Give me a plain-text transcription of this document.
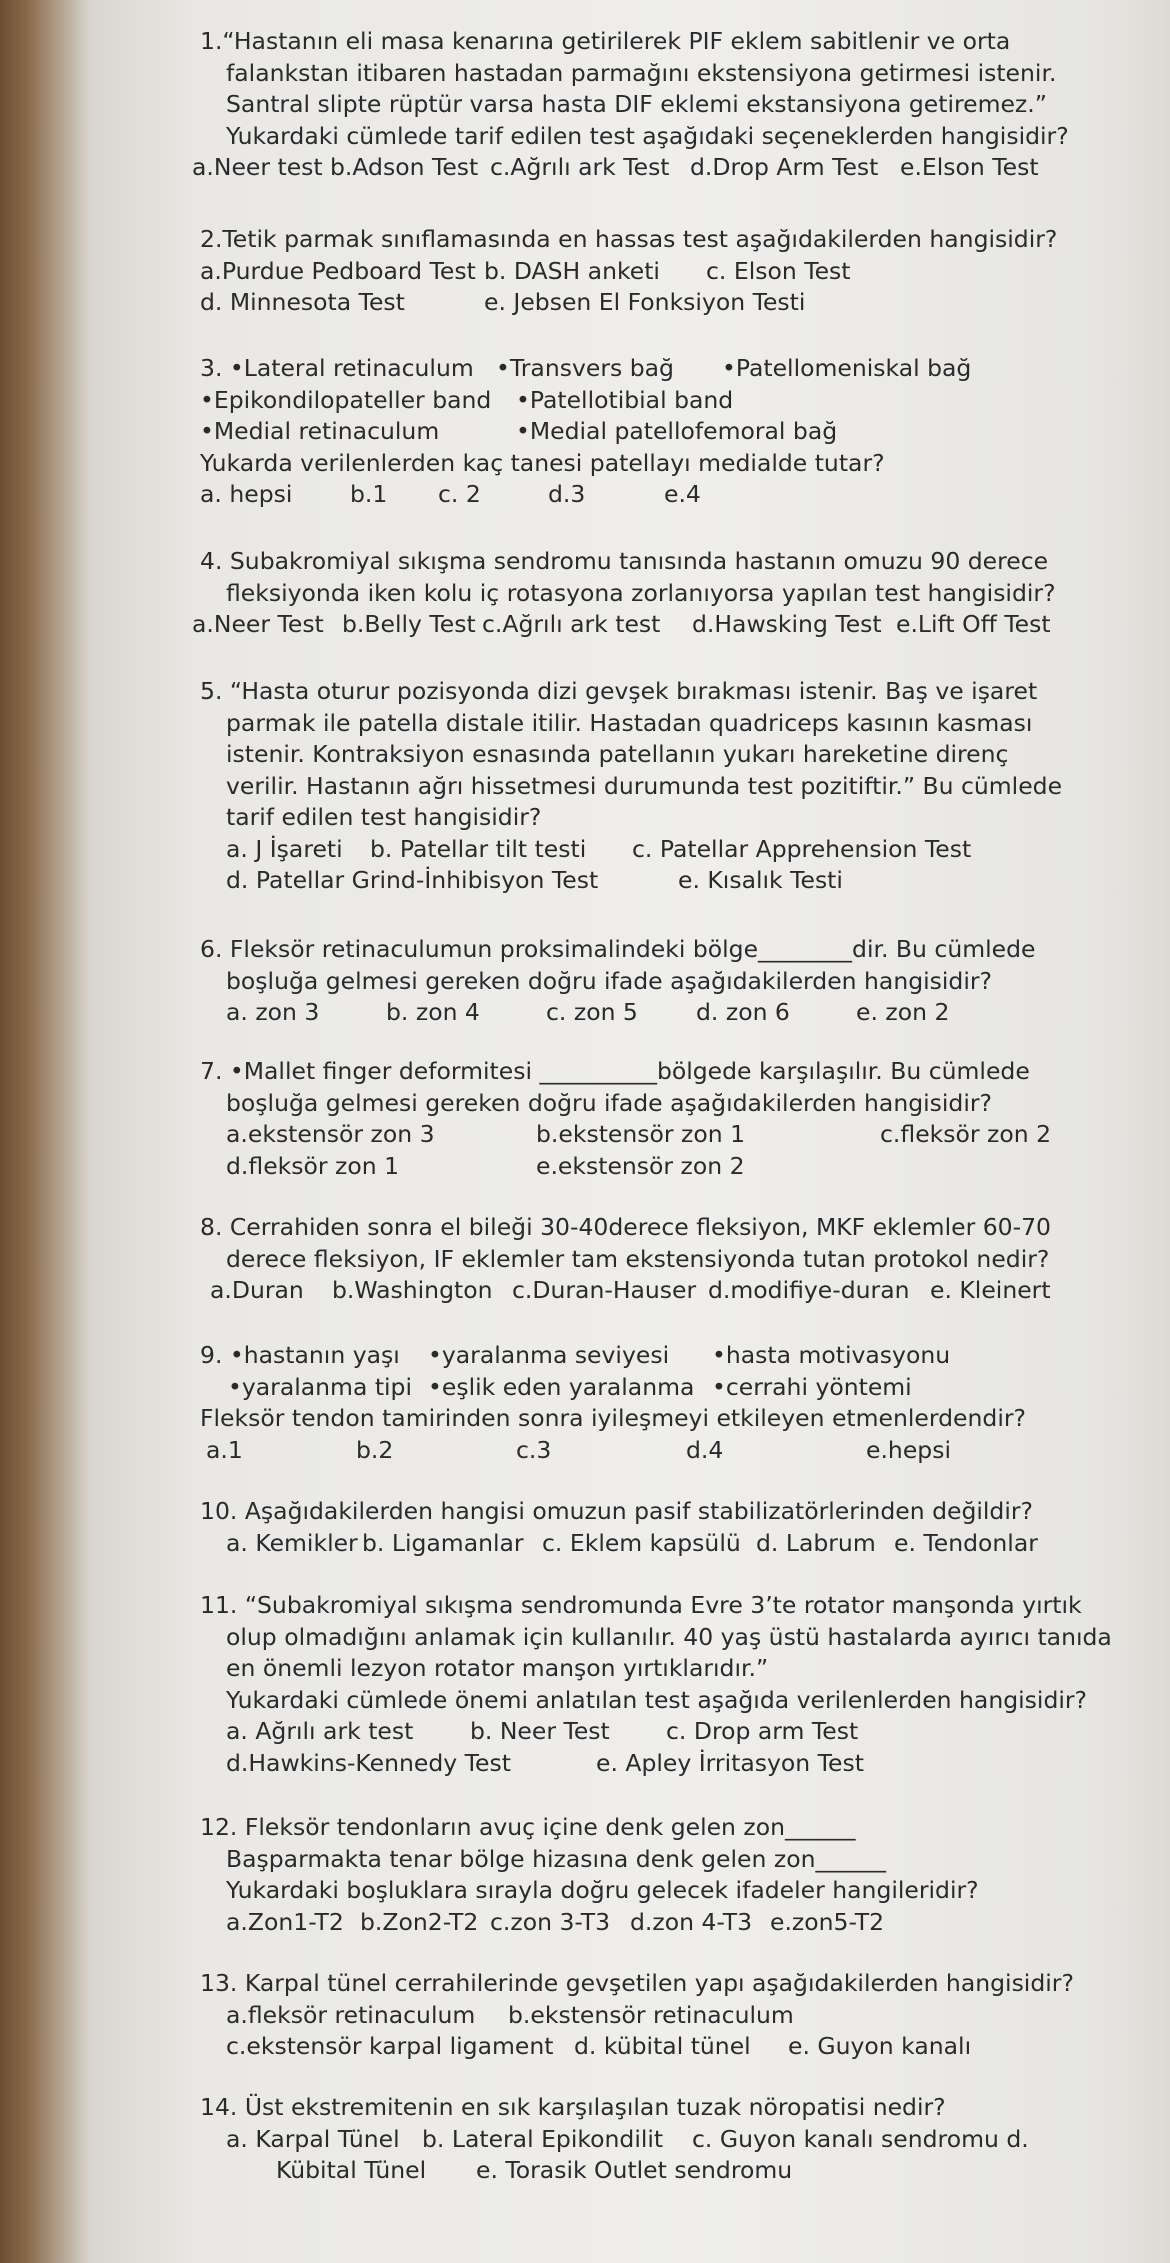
1.“Hastanın eli masa kenarına getirilerek PIF eklem sabitlenir ve orta
falankstan itibaren hastadan parmağını ekstensiyona getirmesi istenir.
Santral slipte rüptür varsa hasta DIF eklemi ekstansiyona getiremez.”
Yukardaki cümlede tarif edilen test aşağıdaki seçeneklerden hangisidir?
a.Neer test b.Adson Test c.Ağrılı ark Test d.Drop Arm Test e.Elson Test
2.Tetik parmak sınıflamasında en hassas test aşağıdakilerden hangisidir?
a.Purdue Pedboard Test b. DASH anketi	c. Elson Test
d. Minnesota Test	e. Jebsen El Fonksiyon Testi
3. •Lateral retinaculum •Transvers bağ	•Patellomeniskal bağ
•Epikondilopateller band	•Patellotibial band
•Medial retinaculum	•Medial patellofemoral bağ
Yukarda verilenlerden kaç tanesi patellayı medialde tutar?
a. hepsi	b.1	c. 2	d.3	e.4
4. Subakromiyal sıkışma sendromu tanısında hastanın omuzu 90 derece
fleksiyonda iken kolu iç rotasyona zorlanıyorsa yapılan test hangisidir?
a.Neer Test b.Belly Test c.Ağrılı ark test	d.Hawsking Test e.Lift Off Test
5. “Hasta oturur pozisyonda dizi gevşek bırakması istenir. Baş ve işaret
parmak ile patella distale itilir. Hastadan quadriceps kasının kasması
istenir. Kontraksiyon esnasında patellanın yukarı hareketine direnç
verilir. Hastanın ağrı hissetmesi durumunda test pozitiftir.” Bu cümlede
tarif edilen test hangisidir?
a. J İşareti	b. Patellar tilt testi	c. Patellar Apprehension Test
d. Patellar Grind-İnhibisyon Test	e. Kısalık Testi
6. Fleksör retinaculumun proksimalindeki bölge________dir. Bu cümlede
boşluğa gelmesi gereken doğru ifade aşağıdakilerden hangisidir?
a. zon 3	b. zon 4	c. zon 5	d. zon 6	e. zon 2
7. •Mallet finger deformitesi __________bölgede karşılaşılır. Bu cümlede
boşluğa gelmesi gereken doğru ifade aşağıdakilerden hangisidir?
a.ekstensör zon 3	b.ekstensör zon 1	c.fleksör zon 2
d.fleksör zon 1	e.ekstensör zon 2
8. Cerrahiden sonra el bileği 30-40derece fleksiyon, MKF eklemler 60-70
derece fleksiyon, IF eklemler tam ekstensiyonda tutan protokol nedir?
a.Duran	b.Washington c.Duran-Hauser d.modifiye-duran e. Kleinert
9. •hastanın yaşı	•yaralanma seviyesi	•hasta motivasyonu
•yaralanma tipi •eşlik eden yaralanma •cerrahi yöntemi
Fleksör tendon tamirinden sonra iyileşmeyi etkileyen etmenlerdendir?
a.1	b.2	c.3	d.4	e.hepsi
10. Aşağıdakilerden hangisi omuzun pasif stabilizatörlerinden değildir?
a. Kemikler b. Ligamanlar c. Eklem kapsülü d. Labrum e. Tendonlar
11. “Subakromiyal sıkışma sendromunda Evre 3’te rotator manşonda yırtık
olup olmadığını anlamak için kullanılır. 40 yaş üstü hastalarda ayırıcı tanıda
en önemli lezyon rotator manşon yırtıklarıdır.”
Yukardaki cümlede önemi anlatılan test aşağıda verilenlerden hangisidir?
a. Ağrılı ark test	b. Neer Test	c. Drop arm Test
d.Hawkins-Kennedy Test	e. Apley İrritasyon Test
12. Fleksör tendonların avuç içine denk gelen zon______
Başparmakta tenar bölge hizasına denk gelen zon______
Yukardaki boşluklara sırayla doğru gelecek ifadeler hangileridir?
a.Zon1-T2 b.Zon2-T2 c.zon 3-T3 d.zon 4-T3 e.zon5-T2
13. Karpal tünel cerrahilerinde gevşetilen yapı aşağıdakilerden hangisidir?
a.fleksör retinaculum	b.ekstensör retinaculum
c.ekstensör karpal ligament d. kübital tünel	e. Guyon kanalı
14. Üst ekstremitenin en sık karşılaşılan tuzak nöropatisi nedir?
a. Karpal Tünel b. Lateral Epikondilit	c. Guyon kanalı sendromu d.
Kübital Tünel	e. Torasik Outlet sendromu
